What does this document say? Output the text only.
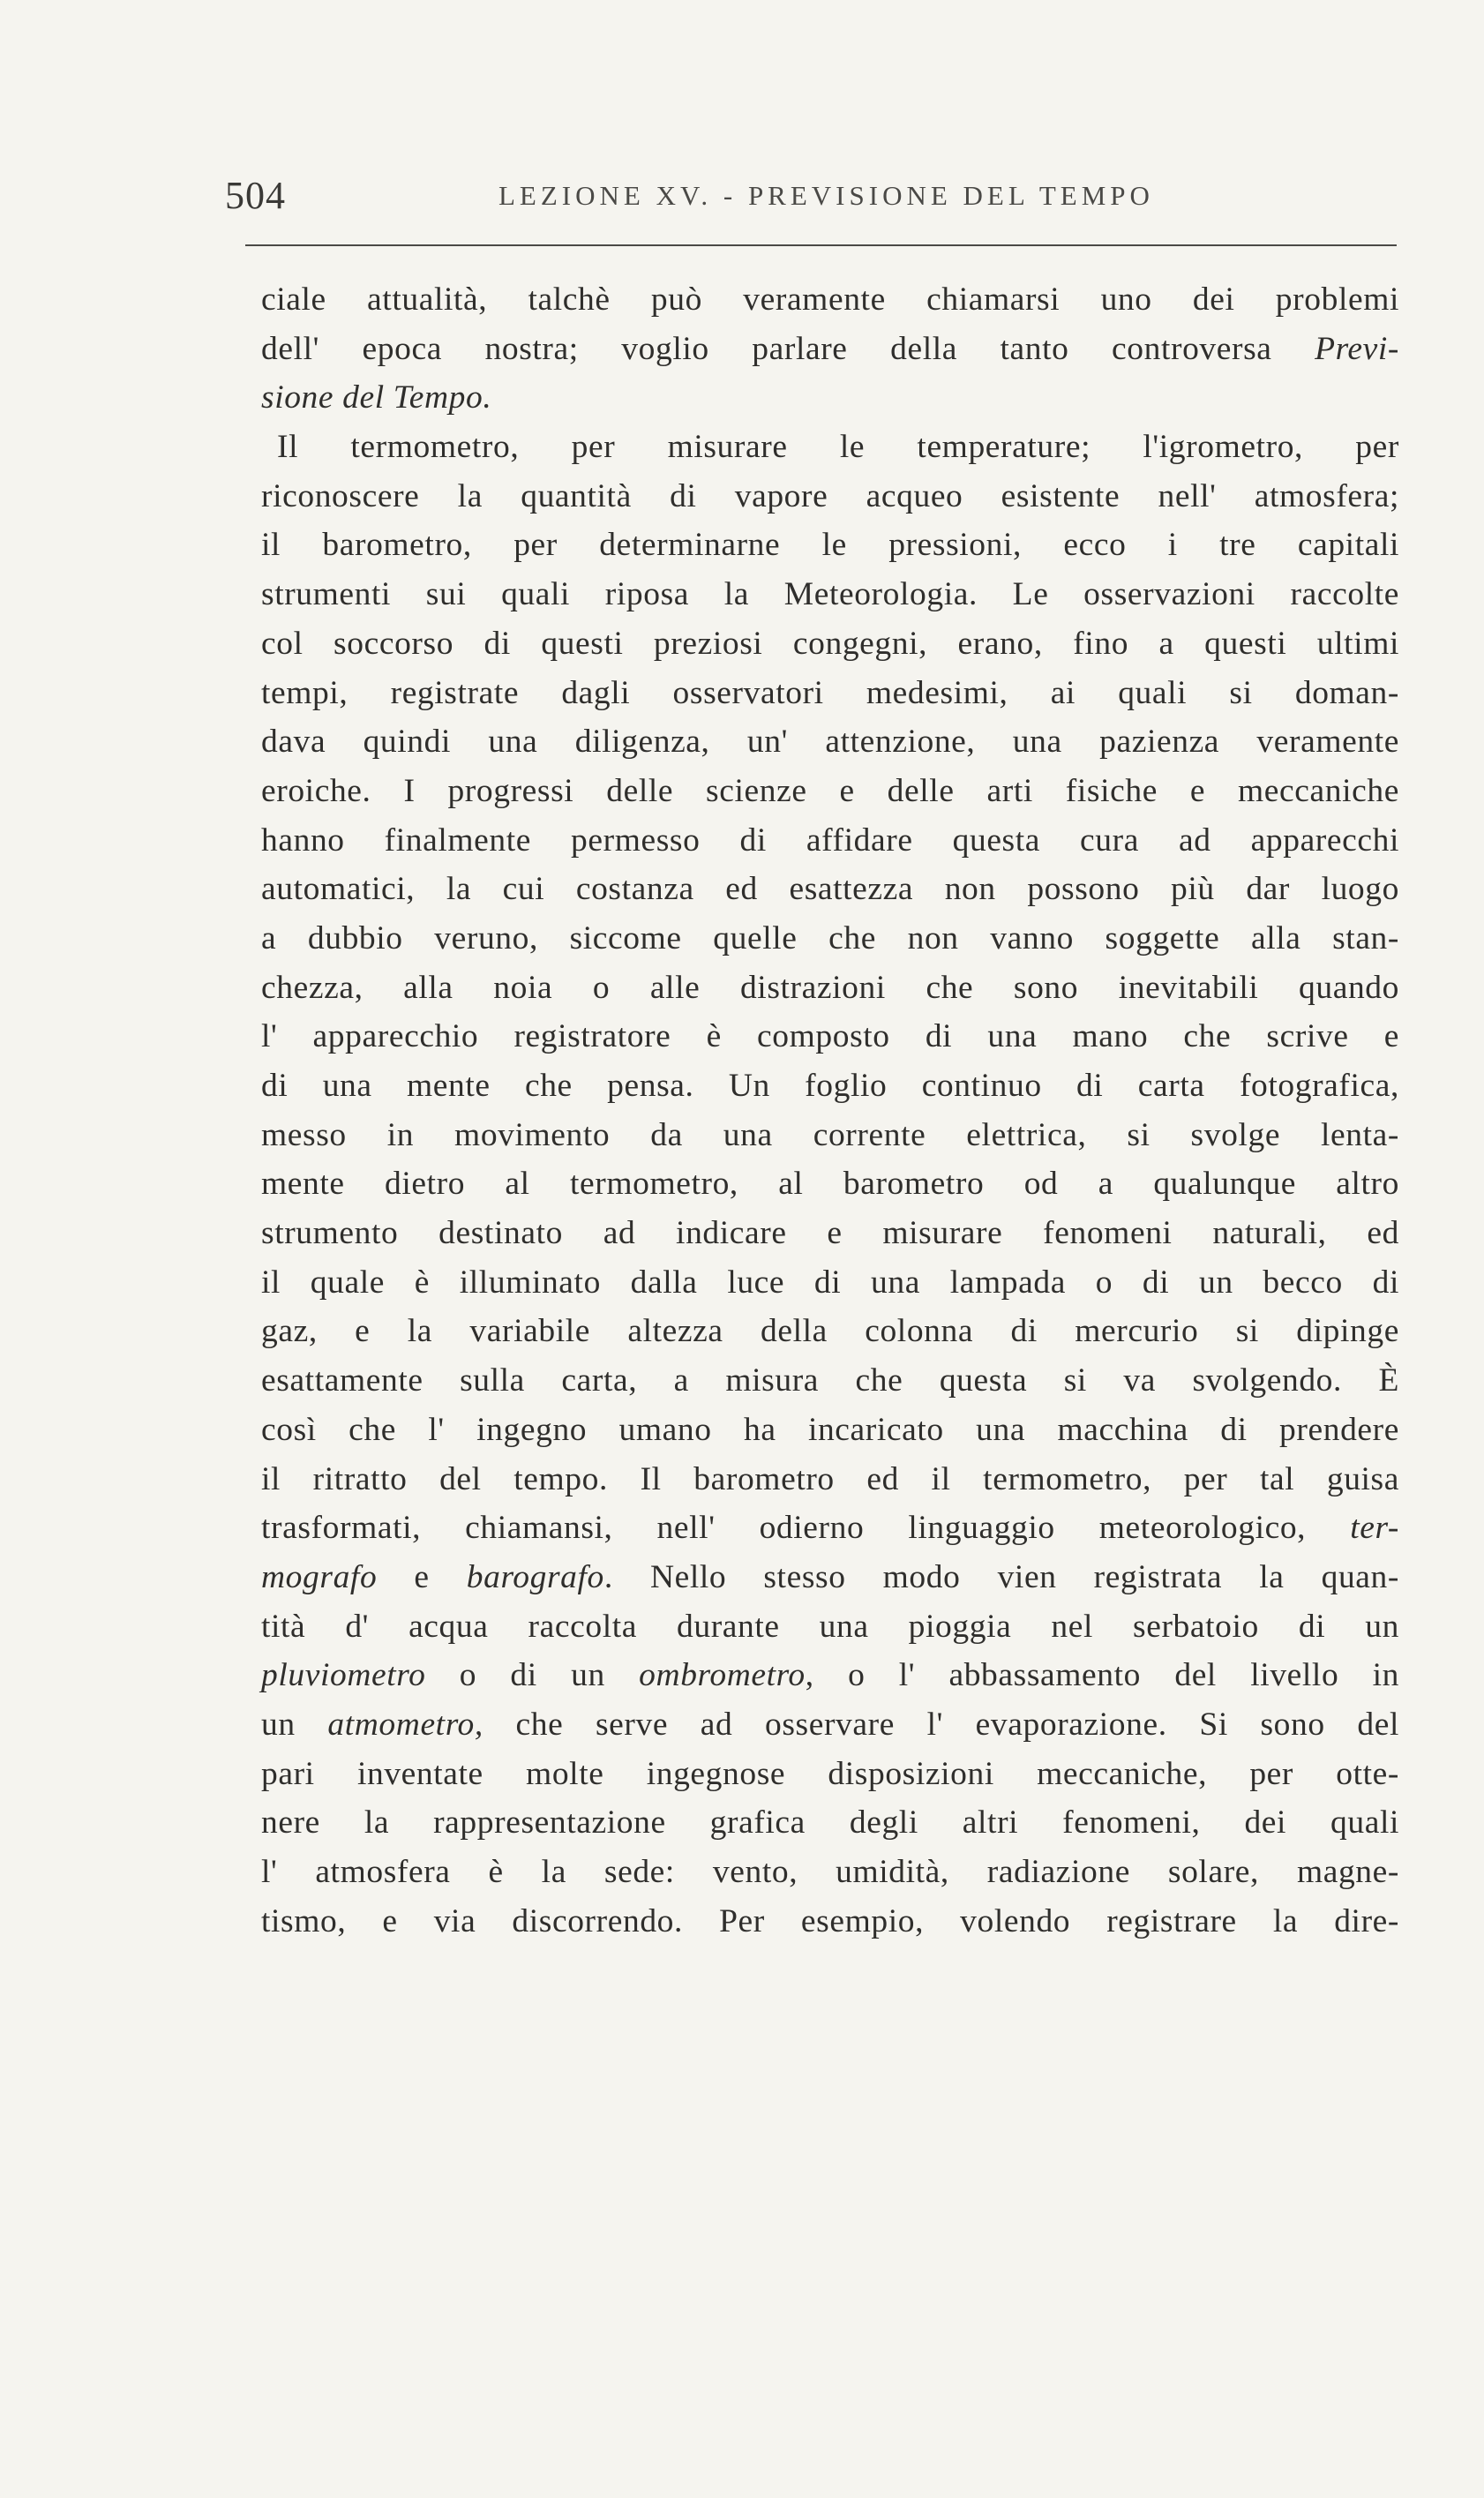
504	LEZIONE XV. - PREVISIONE DEL TEMPO
ciale attualità, talchè può veramente chiamarsi uno dei problemi
dell' epoca nostra; voglio parlare della tanto controversa Previ-
sione del Tempo.
Il termometro, per misurare le temperature; l'igrometro, per
riconoscere la quantità di vapore acqueo esistente nell' atmosfera;
il barometro, per determinarne le pressioni, ecco i tre capitali
strumenti sui quali riposa la Meteorologia. Le osservazioni raccolte
col soccorso di questi preziosi congegni, erano, fino a questi ultimi
tempi, registrate dagli osservatori medesimi, ai quali si doman-
dava quindi una diligenza, un' attenzione, una pazienza veramente
eroiche. I progressi delle scienze e delle arti fisiche e meccaniche
hanno finalmente permesso di affidare questa cura ad apparecchi
automatici, la cui costanza ed esattezza non possono più dar luogo
a dubbio veruno, siccome quelle che non vanno soggette alla stan-
chezza, alla noia o alle distrazioni che sono inevitabili quando
l' apparecchio registratore è composto di una mano che scrive e
di una mente che pensa. Un foglio continuo di carta fotografica,
messo in movimento da una corrente elettrica, si svolge lenta-
mente dietro al termometro, al barometro od a qualunque altro
strumento destinato ad indicare e misurare fenomeni naturali, ed
il quale è illuminato dalla luce di una lampada o di un becco di
gaz, e la variabile altezza della colonna di mercurio si dipinge
esattamente sulla carta, a misura che questa si va svolgendo. È
così che l' ingegno umano ha incaricato una macchina di prendere
il ritratto del tempo. Il barometro ed il termometro, per tal guisa
trasformati, chiamansi, nell' odierno linguaggio meteorologico, ter-
mografo e barografo. Nello stesso modo vien registrata la quan-
tità d' acqua raccolta durante una pioggia nel serbatoio di un
pluviometro o di un ombrometro, o l' abbassamento del livello in
un atmometro, che serve ad osservare l' evaporazione. Si sono del
pari inventate molte ingegnose disposizioni meccaniche, per otte-
nere la rappresentazione grafica degli altri fenomeni, dei quali
l' atmosfera è la sede: vento, umidità, radiazione solare, magne-
tismo, e via discorrendo. Per esempio, volendo registrare la dire-
